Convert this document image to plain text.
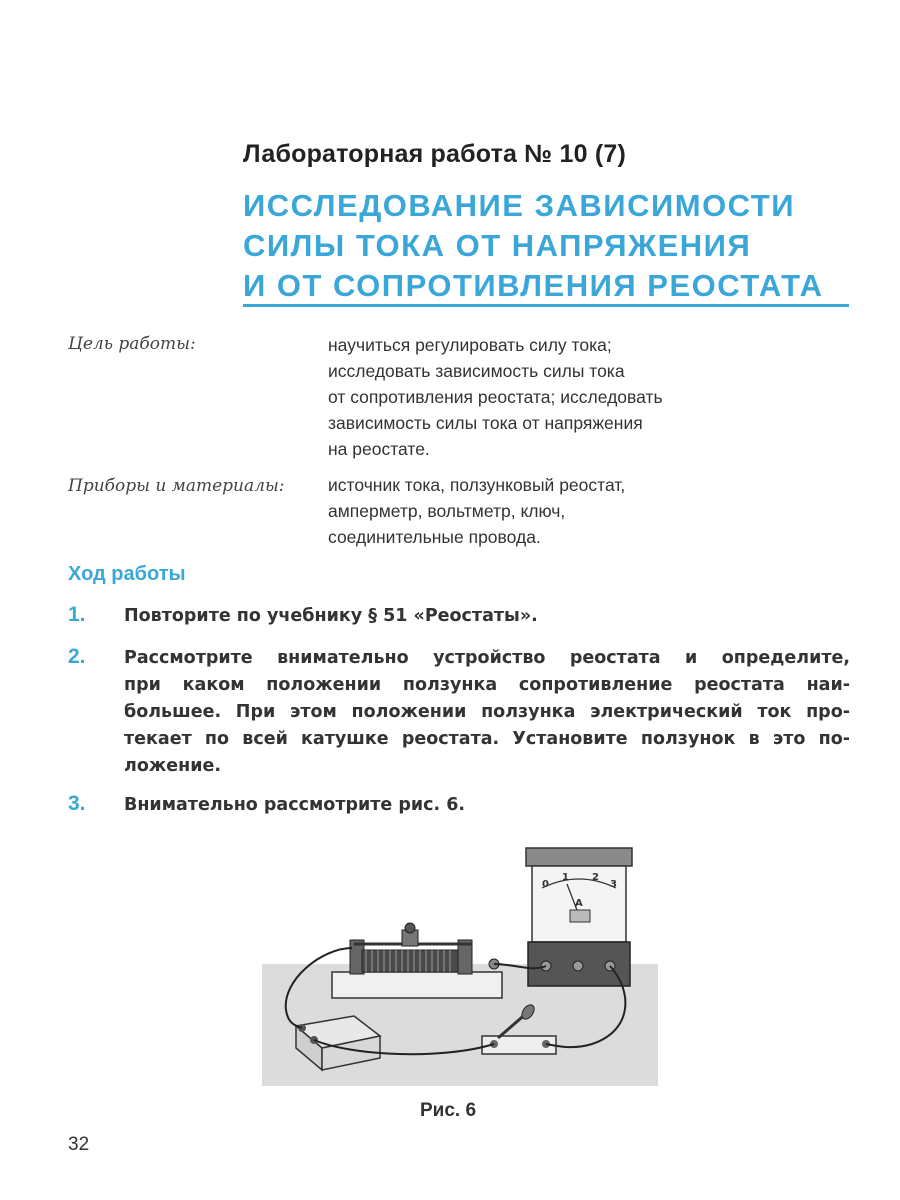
Лабораторная работа № 10 (7)
ИССЛЕДОВАНИЕ ЗАВИСИМОСТИ
СИЛЫ ТОКА ОТ НАПРЯЖЕНИЯ
И ОТ СОПРОТИВЛЕНИЯ РЕОСТАТА
Цель работы:	научиться регулировать силу тока;
исследовать зависимость силы тока
от сопротивления реостата; исследовать
зависимость силы тока от напряжения
на реостате.
Приборы и материалы: источник тока, ползунковый реостат,
амперметр, вольтметр, ключ,
соединительные провода.
Ход работы
1. Повторите по учебнику § 51 «Реостаты».
2. Рассмотрите внимательно устройство реостата и определите,
при каком положении ползунка сопротивление реостата наи-
большее. При этом положении ползунка электрический ток про-
текает по всей катушке реостата. Установите ползунок в это по-
ложение.
3. Внимательно рассмотрите рис. 6.
0
1 2
3
A
Рис. 6
32
